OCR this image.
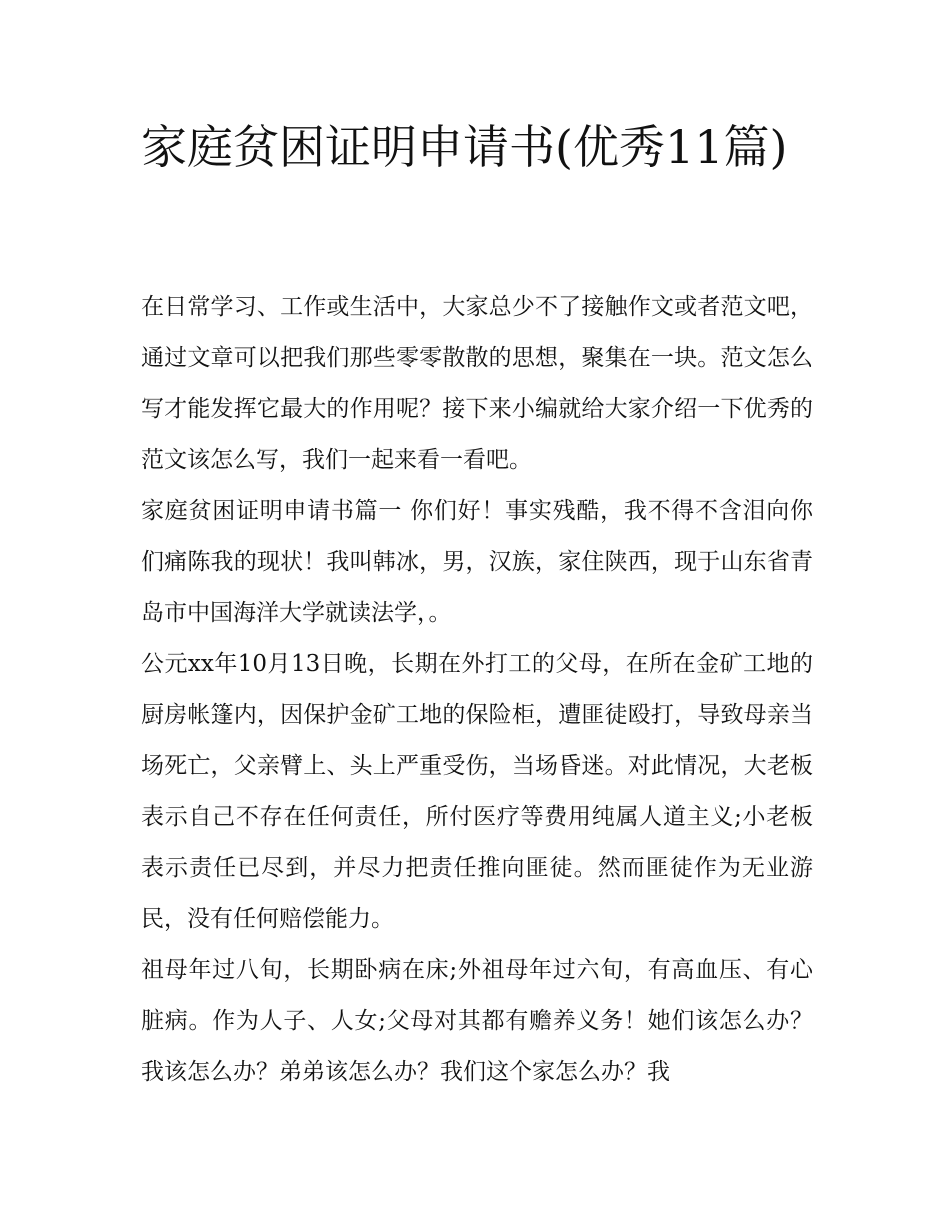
家庭贫困证明申请书(优秀11篇)

在日常学习、工作或生活中，大家总少不了接触作文或者范文吧，通过文章可以把我们那些零零散散的思想，聚集在一块。范文怎么写才能发挥它最大的作用呢？接下来小编就给大家介绍一下优秀的范文该怎么写，我们一起来看一看吧。

家庭贫困证明申请书篇一 你们好！事实残酷，我不得不含泪向你们痛陈我的现状！我叫韩冰，男，汉族，家住陕西，现于山东省青岛市中国海洋大学就读法学，。

公元xx年10月13日晚，长期在外打工的父母，在所在金矿工地的厨房帐篷内，因保护金矿工地的保险柜，遭匪徒殴打，导致母亲当场死亡，父亲臂上、头上严重受伤，当场昏迷。对此情况，大老板表示自己不存在任何责任，所付医疗等费用纯属人道主义;小老板表示责任已尽到，并尽力把责任推向匪徒。然而匪徒作为无业游民，没有任何赔偿能力。

祖母年过八旬，长期卧病在床;外祖母年过六旬，有高血压、有心脏病。作为人子、人女;父母对其都有赡养义务！她们该怎么办？我该怎么办？弟弟该怎么办？我们这个家怎么办？我
